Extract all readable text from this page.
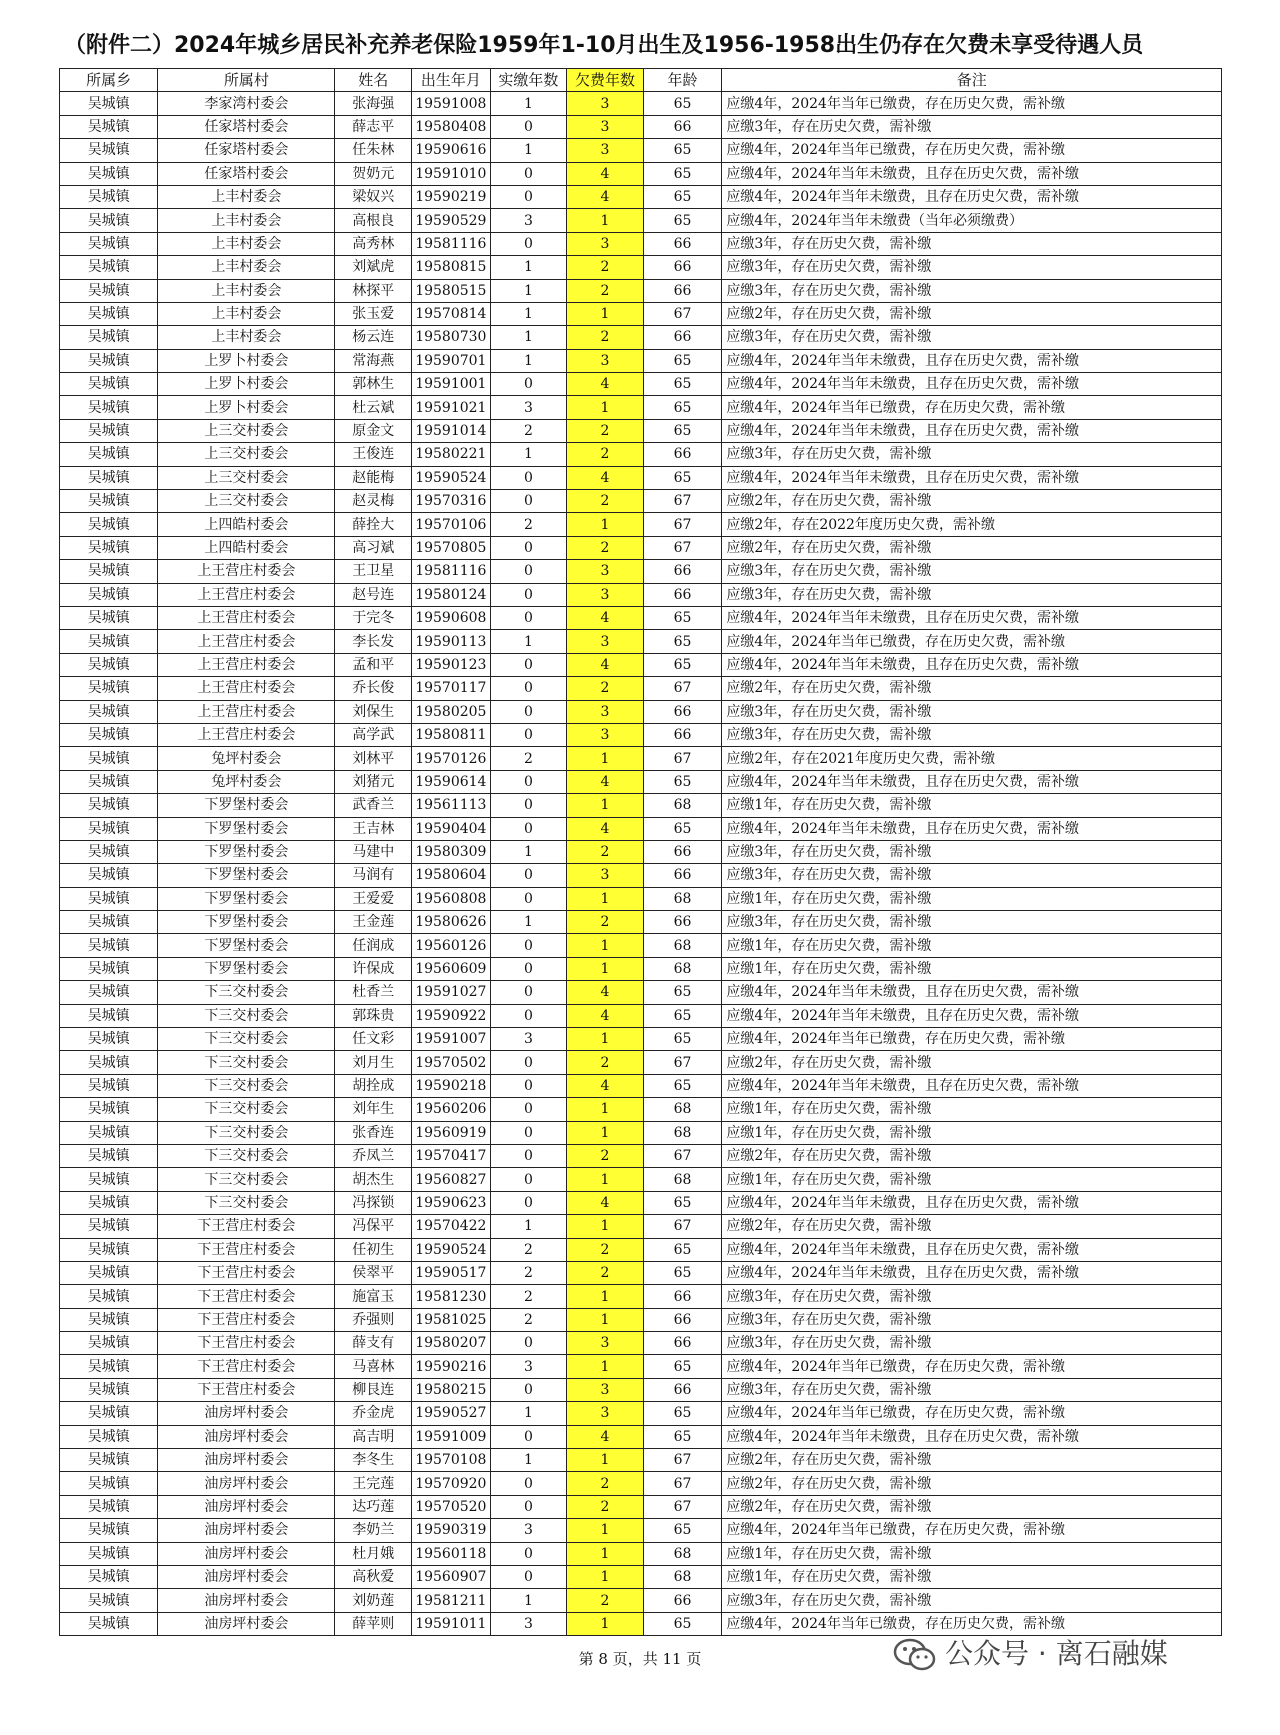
（附件二）2024年城乡居民补充养老保险1959年1-10月出生及1956-1958出生仍存在欠费未享受待遇人员
所属乡	所属村	姓名	出生年月	实缴年数	欠费年数	年龄	备注
吴城镇	李家湾村委会	张海强	19591008	1	3	65	应缴4年，2024年当年已缴费，存在历史欠费，需补缴
吴城镇	任家塔村委会	薛志平	19580408	0	3	66	应缴3年，存在历史欠费，需补缴
吴城镇	任家塔村委会	任朱林	19590616	1	3	65	应缴4年，2024年当年已缴费，存在历史欠费，需补缴
吴城镇	任家塔村委会	贺奶元	19591010	0	4	65	应缴4年，2024年当年未缴费，且存在历史欠费，需补缴
吴城镇	上丰村委会	梁奴兴	19590219	0	4	65	应缴4年，2024年当年未缴费，且存在历史欠费，需补缴
吴城镇	上丰村委会	高根良	19590529	3	1	65	应缴4年，2024年当年未缴费（当年必须缴费）
吴城镇	上丰村委会	高秀林	19581116	0	3	66	应缴3年，存在历史欠费，需补缴
吴城镇	上丰村委会	刘斌虎	19580815	1	2	66	应缴3年，存在历史欠费，需补缴
吴城镇	上丰村委会	林探平	19580515	1	2	66	应缴3年，存在历史欠费，需补缴
吴城镇	上丰村委会	张玉爱	19570814	1	1	67	应缴2年，存在历史欠费，需补缴
吴城镇	上丰村委会	杨云连	19580730	1	2	66	应缴3年，存在历史欠费，需补缴
吴城镇	上罗卜村委会	常海燕	19590701	1	3	65	应缴4年，2024年当年未缴费，且存在历史欠费，需补缴
吴城镇	上罗卜村委会	郭林生	19591001	0	4	65	应缴4年，2024年当年未缴费，且存在历史欠费，需补缴
吴城镇	上罗卜村委会	杜云斌	19591021	3	1	65	应缴4年，2024年当年已缴费，存在历史欠费，需补缴
吴城镇	上三交村委会	原金文	19591014	2	2	65	应缴4年，2024年当年未缴费，且存在历史欠费，需补缴
吴城镇	上三交村委会	王俊连	19580221	1	2	66	应缴3年，存在历史欠费，需补缴
吴城镇	上三交村委会	赵能梅	19590524	0	4	65	应缴4年，2024年当年未缴费，且存在历史欠费，需补缴
吴城镇	上三交村委会	赵灵梅	19570316	0	2	67	应缴2年，存在历史欠费，需补缴
吴城镇	上四皓村委会	薛拴大	19570106	2	1	67	应缴2年，存在2022年度历史欠费，需补缴
吴城镇	上四皓村委会	高习斌	19570805	0	2	67	应缴2年，存在历史欠费，需补缴
吴城镇	上王营庄村委会	王卫星	19581116	0	3	66	应缴3年，存在历史欠费，需补缴
吴城镇	上王营庄村委会	赵号连	19580124	0	3	66	应缴3年，存在历史欠费，需补缴
吴城镇	上王营庄村委会	于完冬	19590608	0	4	65	应缴4年，2024年当年未缴费，且存在历史欠费，需补缴
吴城镇	上王营庄村委会	李长发	19590113	1	3	65	应缴4年，2024年当年已缴费，存在历史欠费，需补缴
吴城镇	上王营庄村委会	孟和平	19590123	0	4	65	应缴4年，2024年当年未缴费，且存在历史欠费，需补缴
吴城镇	上王营庄村委会	乔长俊	19570117	0	2	67	应缴2年，存在历史欠费，需补缴
吴城镇	上王营庄村委会	刘保生	19580205	0	3	66	应缴3年，存在历史欠费，需补缴
吴城镇	上王营庄村委会	高学武	19580811	0	3	66	应缴3年，存在历史欠费，需补缴
吴城镇	兔坪村委会	刘林平	19570126	2	1	67	应缴2年，存在2021年度历史欠费，需补缴
吴城镇	兔坪村委会	刘猪元	19590614	0	4	65	应缴4年，2024年当年未缴费，且存在历史欠费，需补缴
吴城镇	下罗堡村委会	武香兰	19561113	0	1	68	应缴1年，存在历史欠费，需补缴
吴城镇	下罗堡村委会	王吉林	19590404	0	4	65	应缴4年，2024年当年未缴费，且存在历史欠费，需补缴
吴城镇	下罗堡村委会	马建中	19580309	1	2	66	应缴3年，存在历史欠费，需补缴
吴城镇	下罗堡村委会	马润有	19580604	0	3	66	应缴3年，存在历史欠费，需补缴
吴城镇	下罗堡村委会	王爱爱	19560808	0	1	68	应缴1年，存在历史欠费，需补缴
吴城镇	下罗堡村委会	王金莲	19580626	1	2	66	应缴3年，存在历史欠费，需补缴
吴城镇	下罗堡村委会	任润成	19560126	0	1	68	应缴1年，存在历史欠费，需补缴
吴城镇	下罗堡村委会	许保成	19560609	0	1	68	应缴1年，存在历史欠费，需补缴
吴城镇	下三交村委会	杜香兰	19591027	0	4	65	应缴4年，2024年当年未缴费，且存在历史欠费，需补缴
吴城镇	下三交村委会	郭珠贵	19590922	0	4	65	应缴4年，2024年当年未缴费，且存在历史欠费，需补缴
吴城镇	下三交村委会	任文彩	19591007	3	1	65	应缴4年，2024年当年已缴费，存在历史欠费，需补缴
吴城镇	下三交村委会	刘月生	19570502	0	2	67	应缴2年，存在历史欠费，需补缴
吴城镇	下三交村委会	胡拴成	19590218	0	4	65	应缴4年，2024年当年未缴费，且存在历史欠费，需补缴
吴城镇	下三交村委会	刘年生	19560206	0	1	68	应缴1年，存在历史欠费，需补缴
吴城镇	下三交村委会	张香连	19560919	0	1	68	应缴1年，存在历史欠费，需补缴
吴城镇	下三交村委会	乔凤兰	19570417	0	2	67	应缴2年，存在历史欠费，需补缴
吴城镇	下三交村委会	胡杰生	19560827	0	1	68	应缴1年，存在历史欠费，需补缴
吴城镇	下三交村委会	冯探锁	19590623	0	4	65	应缴4年，2024年当年未缴费，且存在历史欠费，需补缴
吴城镇	下王营庄村委会	冯保平	19570422	1	1	67	应缴2年，存在历史欠费，需补缴
吴城镇	下王营庄村委会	任初生	19590524	2	2	65	应缴4年，2024年当年未缴费，且存在历史欠费，需补缴
吴城镇	下王营庄村委会	侯翠平	19590517	2	2	65	应缴4年，2024年当年未缴费，且存在历史欠费，需补缴
吴城镇	下王营庄村委会	施富玉	19581230	2	1	66	应缴3年，存在历史欠费，需补缴
吴城镇	下王营庄村委会	乔强则	19581025	2	1	66	应缴3年，存在历史欠费，需补缴
吴城镇	下王营庄村委会	薛支有	19580207	0	3	66	应缴3年，存在历史欠费，需补缴
吴城镇	下王营庄村委会	马喜林	19590216	3	1	65	应缴4年，2024年当年已缴费，存在历史欠费，需补缴
吴城镇	下王营庄村委会	柳艮连	19580215	0	3	66	应缴3年，存在历史欠费，需补缴
吴城镇	油房坪村委会	乔金虎	19590527	1	3	65	应缴4年，2024年当年已缴费，存在历史欠费，需补缴
吴城镇	油房坪村委会	高吉明	19591009	0	4	65	应缴4年，2024年当年未缴费，且存在历史欠费，需补缴
吴城镇	油房坪村委会	李冬生	19570108	1	1	67	应缴2年，存在历史欠费，需补缴
吴城镇	油房坪村委会	王完莲	19570920	0	2	67	应缴2年，存在历史欠费，需补缴
吴城镇	油房坪村委会	达巧莲	19570520	0	2	67	应缴2年，存在历史欠费，需补缴
吴城镇	油房坪村委会	李奶兰	19590319	3	1	65	应缴4年，2024年当年已缴费，存在历史欠费，需补缴
吴城镇	油房坪村委会	杜月娥	19560118	0	1	68	应缴1年，存在历史欠费，需补缴
吴城镇	油房坪村委会	高秋爱	19560907	0	1	68	应缴1年，存在历史欠费，需补缴
吴城镇	油房坪村委会	刘奶莲	19581211	1	2	66	应缴3年，存在历史欠费，需补缴
吴城镇	油房坪村委会	薛苹则	19591011	3	1	65	应缴4年，2024年当年已缴费，存在历史欠费，需补缴
第 8 页，共 11 页	公众号 · 离石融媒
